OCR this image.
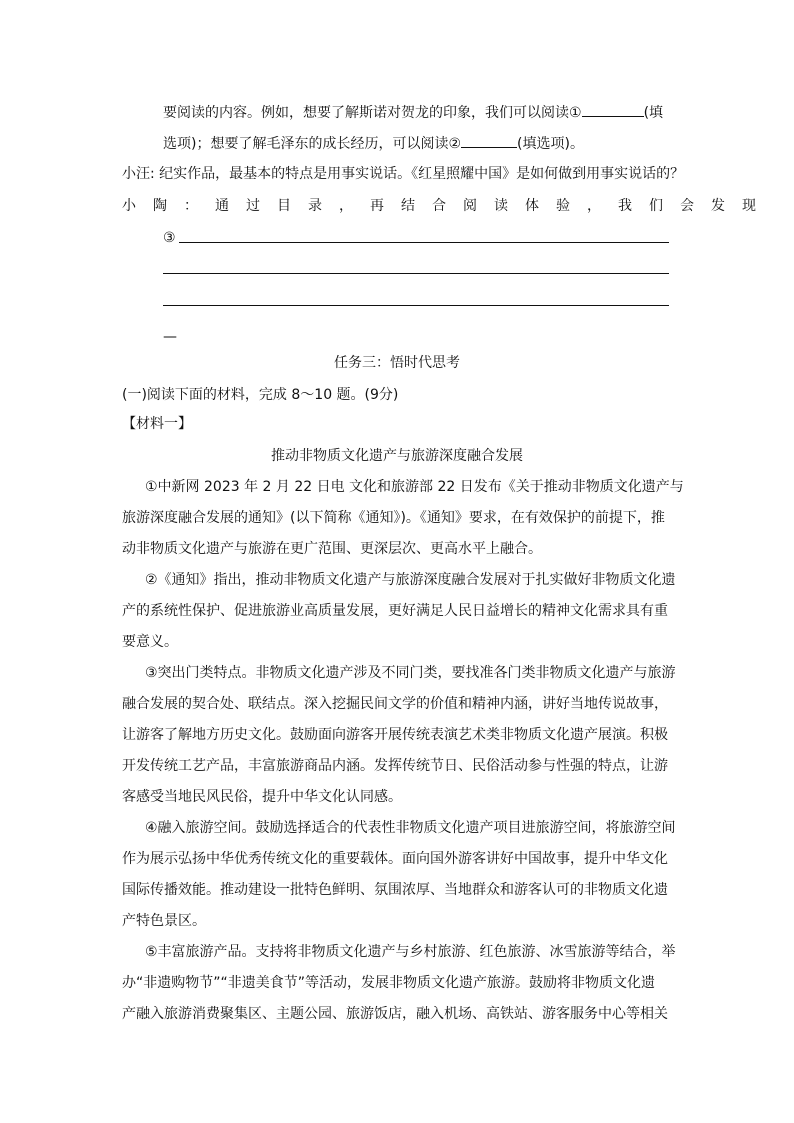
要阅读的内容。例如，想要了解斯诺对贺龙的印象，我们可以阅读①	(填
选项)；想要了解毛泽东的成长经历，可以阅读②	(填选项)。
小汪: 纪实作品，最基本的特点是用事实说话。《红星照耀中国》是如何做到用事实说话的？
小陶：通过目录，再结合阅读体验，我们会发现
③
—
任务三：悟时代思考
(一)阅读下面的材料，完成 8～10 题。(9分)
【材料一】
推动非物质文化遗产与旅游深度融合发展
①中新网 2023 年 2 月 22 日电 文化和旅游部 22 日发布《关于推动非物质文化遗产与
旅游深度融合发展的通知》(以下简称《通知》)。《通知》要求，在有效保护的前提下，推
动非物质文化遗产与旅游在更广范围、更深层次、更高水平上融合。
②《通知》指出，推动非物质文化遗产与旅游深度融合发展对于扎实做好非物质文化遗
产的系统性保护、促进旅游业高质量发展，更好满足人民日益增长的精神文化需求具有重
要意义。
③突出门类特点。非物质文化遗产涉及不同门类，要找准各门类非物质文化遗产与旅游
融合发展的契合处、联结点。深入挖掘民间文学的价值和精神内涵，讲好当地传说故事，
让游客了解地方历史文化。鼓励面向游客开展传统表演艺术类非物质文化遗产展演。积极
开发传统工艺产品，丰富旅游商品内涵。发挥传统节日、民俗活动参与性强的特点，让游
客感受当地民风民俗，提升中华文化认同感。
④融入旅游空间。鼓励选择适合的代表性非物质文化遗产项目进旅游空间，将旅游空间
作为展示弘扬中华优秀传统文化的重要载体。面向国外游客讲好中国故事，提升中华文化
国际传播效能。推动建设一批特色鲜明、氛围浓厚、当地群众和游客认可的非物质文化遗
产特色景区。
⑤丰富旅游产品。支持将非物质文化遗产与乡村旅游、红色旅游、冰雪旅游等结合，举
办“非遗购物节”“非遗美食节”等活动，发展非物质文化遗产旅游。鼓励将非物质文化遗
产融入旅游消费聚集区、主题公园、旅游饭店，融入机场、高铁站、游客服务中心等相关
